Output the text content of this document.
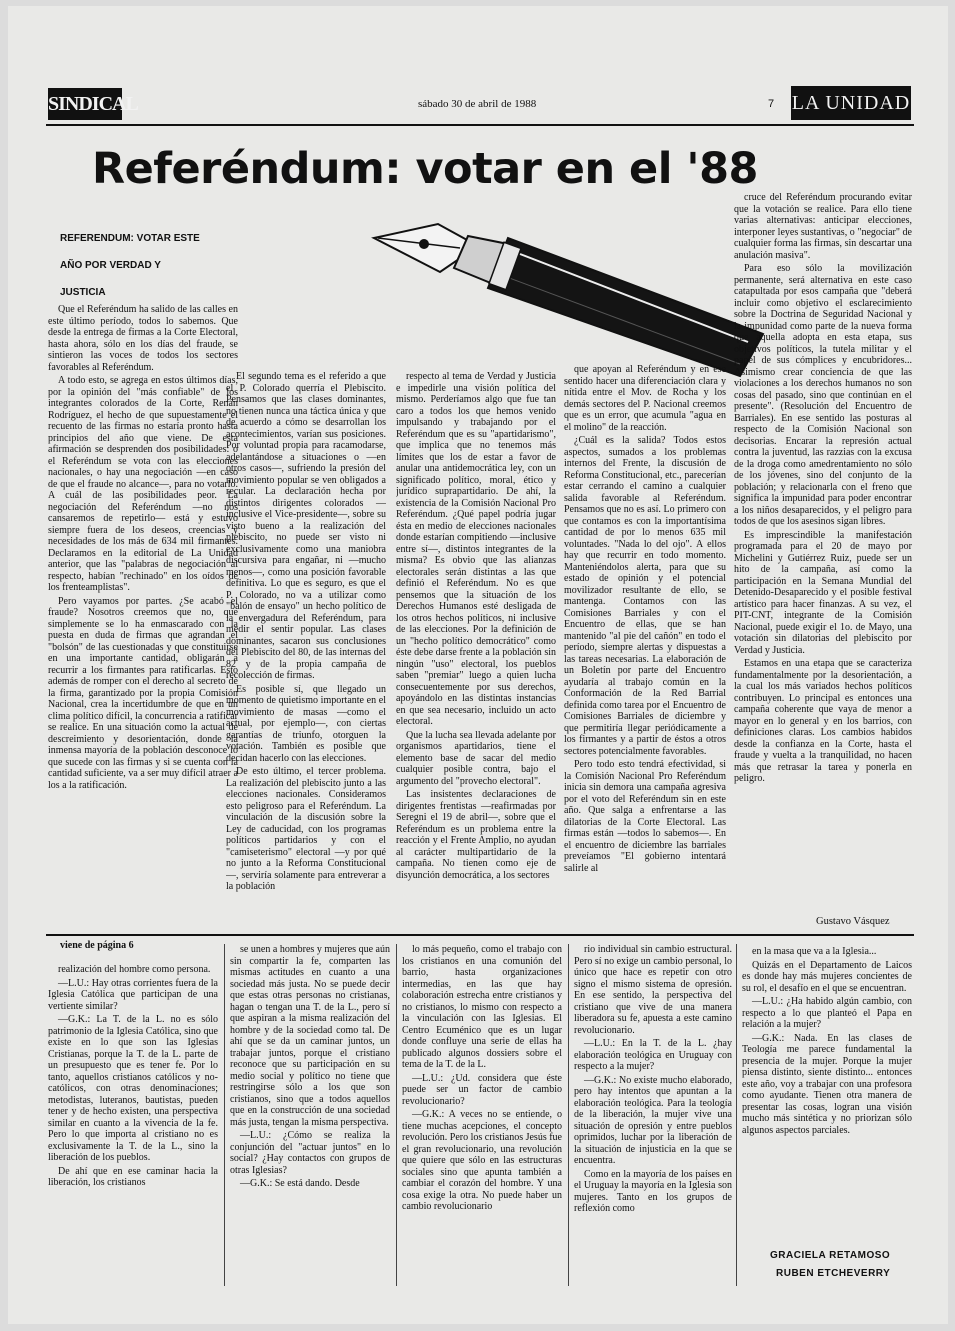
SINDICAL	sábado 30 de abril de 1988	7 LA UNIDAD
Referéndum: votar en el '88
REFERENDUM: VOTAR ESTE
AÑO POR VERDAD Y
JUSTICIA

Que el Referéndum ha salido de las calles en este último período, todos lo sabemos. Que desde la entrega de firmas a la Corte Electoral, hasta ahora, sólo en los días del fraude, se sintieron las voces de todos los sectores favorables al Referéndum.

A todo esto, se agrega en estos últimos días, por la opinión del "más confiable" de los integrantes colorados de la Corte, Renán Rodríguez, el hecho de que supuestamente el recuento de las firmas no estaría pronto hasta principios del año que viene. De esta afirmación se desprenden dos posibilidades: o el Referéndum se vota con las elecciones nacionales, o hay una negociación —en caso de que el fraude no alcance—, para no votarlo. A cuál de las posibilidades peor. La negociación del Referéndum —no nos cansaremos de repetirlo— está y estuvo siempre fuera de los deseos, creencias y necesidades de los más de 634 mil firmantes. Declaramos en la editorial de La Unidad anterior, que las "palabras de negociación al respecto, habían "rechinado" en los oídos de los frenteamplistas".

Pero vayamos por partes. ¿Se acabó el fraude? Nosotros creemos que no, que simplemente se lo ha enmascarado con la puesta en duda de firmas que agrandan el "bolsón" de las cuestionadas y que constituirse en una importante cantidad, obligarán a recurrir a los firmantes para ratificarlas. Esto además de romper con el derecho al secreto de la firma, garantizado por la propia Comisión Nacional, crea la incertidumbre de que en un clima político difícil, la concurrencia a ratificar se realice. En una situación como la actual de descreimiento y desorientación, donde la inmensa mayoría de la población desconoce lo que sucede con las firmas y si se cuenta con la cantidad suficiente, va a ser muy difícil atraer a los a la ratificación.

El segundo tema es el referido a que el P. Colorado querría el Plebiscito. Pensamos que las clases dominantes, no tienen nunca una táctica única y que de acuerdo a cómo se desarrollan los acontecimientos, varían sus posiciones. Por voluntad propia para racamodarse, adelantándose a situaciones o —en otros casos—, sufriendo la presión del movimiento popular se ven obligados a recular. La declaración hecha por distintos dirigentes colorados —inclusive el Vice-presidente—, sobre su visto bueno a la realización del plebiscito, no puede ser visto ni exclusivamente como una maniobra discursiva para engañar, ni —mucho menos—, como una posición favorable definitiva. Lo que es seguro, es que el P. Colorado, no va a utilizar como "balón de ensayo" un hecho político de la envergadura del Referéndum, para medir el sentir popular. Las clases dominantes, sacaron sus conclusiones del Plebiscito del 80, de las internas del 82 y de la propia campaña de recolección de firmas.

Es posible sí, que llegado un momento de quietismo importante en el movimiento de masas —como el actual, por ejemplo—, con ciertas garantías de triunfo, otorguen la votación. También es posible que decidan hacerlo con las elecciones.

De esto último, el tercer problema. La realización del plebiscito junto a las elecciones nacionales. Consideramos esto peligroso para el Referéndum. La vinculación de la discusión sobre la Ley de caducidad, con los programas políticos partidarios y con el "camiseterismo" electoral —y por qué no junto a la Reforma Constitucional—, serviría solamente para entreverar a la población

respecto al tema de Verdad y Justicia e impedirle una visión política del mismo. Perderíamos algo que fue tan caro a todos los que hemos venido impulsando y trabajando por el Referéndum que es su "apartidarismo", que implica que no tenemos más límites que los de estar a favor de anular una antidemocrática ley, con un significado político, moral, ético y jurídico suprapartidario. De ahí, la existencia de la Comisión Nacional Pro Referéndum. ¿Qué papel podría jugar ésta en medio de elecciones nacionales donde estarían compitiendo —inclusive entre sí—, distintos integrantes de la misma? Es obvio que las alianzas electorales serán distintas a las que definió el Referéndum. No es que pensemos que la situación de los Derechos Humanos esté desligada de los otros hechos políticos, ni inclusive de las elecciones. Por la definición de un "hecho político democrático" como éste debe darse frente a la población sin ningún "uso" electoral, los pueblos saben "premiar" luego a quien lucha consecuentemente por sus derechos, apoyándolo en las distintas instancias en que sea necesario, incluido un acto electoral.

Que la lucha sea llevada adelante por organismos apartidarios, tiene el elemento base de sacar del medio cualquier posible contra, bajo el argumento del "provecho electoral".

Las insistentes declaraciones de dirigentes frentistas —reafirmadas por Seregni el 19 de abril—, sobre que el Referéndum es un problema entre la reacción y el Frente Amplio, no ayudan al carácter multipartidario de la campaña. No tienen como eje de disyunción democrática, a los sectores

que apoyan al Referéndum y en ese sentido hacer una diferenciación clara y nítida entre el Mov. de Rocha y los demás sectores del P. Nacional creemos que es un error, que acumula "agua en el molino" de la reacción.

¿Cuál es la salida? Todos estos aspectos, sumados a los problemas internos del Frente, la discusión de Reforma Constitucional, etc., parecerían estar cerrando el camino a cualquier salida favorable al Referéndum. Pensamos que no es así. Lo primero con que contamos es con la importantísima cantidad de por lo menos 635 mil voluntades. "Nada lo del ojo". A ellos hay que recurrir en todo momento. Manteniéndolos alerta, para que su estado de opinión y el potencial movilizador resultante de ello, se mantenga. Contamos con las Comisiones Barriales y con el Encuentro de ellas, que se han mantenido "al pie del cañón" en todo el período, siempre alertas y dispuestas a las tareas necesarias. La elaboración de un Boletín por parte del Encuentro ayudaría al trabajo común en la Conformación de la Red Barrial definida como tarea por el Encuentro de Comisiones Barriales de diciembre y que permitiría llegar periódicamente a los firmantes y a partir de éstos a otros sectores potencialmente favorables.

Pero todo esto tendrá efectividad, si la Comisión Nacional Pro Referéndum inicia sin demora una campaña agresiva por el voto del Referéndum sin en este año. Que salga a enfrentarse a las dilatorias de la Corte Electoral. Las firmas están —todos lo sabemos—. En el encuentro de diciembre las barriales preveíamos "El gobierno intentará salirle al

cruce del Referéndum procurando evitar que la votación se realice. Para ello tiene varias alternativas: anticipar elecciones, interponer leyes sustantivas, o "negociar" de cualquier forma las firmas, sin descartar una anulación masiva".

Para eso sólo la movilización permanente, será alternativa en este caso catapultada por esos campaña que "deberá incluir como objetivo el esclarecimiento sobre la Doctrina de Seguridad Nacional y la impunidad como parte de la nueva forma que aquella adopta en esta etapa, sus objetivos políticos, la tutela militar y el papel de sus cómplices y encubridores... Asimismo crear conciencia de que las violaciones a los derechos humanos no son cosas del pasado, sino que continúan en el presente". (Resolución del Encuentro de Barriales). En ese sentido las posturas al respecto de la Comisión Nacional son decisorias. Encarar la represión actual contra la juventud, las razzias con la excusa de la droga como amedrentamiento no sólo de los jóvenes, sino del conjunto de la población; y relacionarla con el freno que significa la impunidad para poder encontrar a los niños desaparecidos, y el peligro para todos de que los asesinos sigan libres.

Es imprescindible la manifestación programada para el 20 de mayo por Michelini y Gutiérrez Ruiz, puede ser un hito de la campaña, así como la participación en la Semana Mundial del Detenido-Desaparecido y el posible festival artístico para hacer finanzas. A su vez, el PIT-CNT, integrante de la Comisión Nacional, puede exigir el 1o. de Mayo, una votación sin dilatorias del plebiscito por Verdad y Justicia.

Estamos en una etapa que se caracteriza fundamentalmente por la desorientación, a la cual los más variados hechos políticos contribuyen. Lo principal es entonces una campaña coherente que vaya de menor a mayor en lo general y en los barrios, con definiciones claras. Los cambios habidos desde la confianza en la Corte, hasta el fraude y vuelta a la tranquilidad, no hacen más que retrasar la tarea y ponerla en peligro.

Gustavo Vásquez
viene de página 6

realización del hombre como persona.

—L.U.: Hay otras corrientes fuera de la Iglesia Católica que participan de una vertiente similar?

—G.K.: La T. de la L. no es sólo patrimonio de la Iglesia Católica, sino que existe en lo que son las Iglesias Cristianas, porque la T. de la L. parte de un presupuesto que es tener fe. Por lo tanto, aquellos cristianos católicos y no-católicos, con otras denominaciones; metodistas, luteranos, bautistas, pueden tener y de hecho existen, una perspectiva similar en cuanto a la vivencia de la fe. Pero lo que importa al cristiano no es exclusivamente la T. de la L., sino la liberación de los pueblos.

De ahí que en ese caminar hacia la liberación, los cristianos

se unen a hombres y mujeres que aún sin compartir la fe, comparten las mismas actitudes en cuanto a una sociedad más justa. No se puede decir que estas otras personas no cristianas, hagan o tengan una T. de la L., pero sí que aspiran a la misma realización del hombre y de la sociedad como tal. De ahí que se da un caminar juntos, un trabajar juntos, porque el cristiano reconoce que su participación en su medio social y político no tiene que restringirse sólo a los que son cristianos, sino que a todos aquellos que en la construcción de una sociedad más justa, tengan la misma perspectiva.

—L.U.: ¿Cómo se realiza la conjunción del "actuar juntos" en lo social? ¿Hay contactos con grupos de otras Iglesias?

—G.K.: Se está dando. Desde

lo más pequeño, como el trabajo con los cristianos en una comunión del barrio, hasta organizaciones intermedias, en las que hay colaboración estrecha entre cristianos y no cristianos, lo mismo con respecto a la vinculación con las Iglesias. El Centro Ecuménico que es un lugar donde confluye una serie de ellas ha publicado algunos dossiers sobre el tema de la T. de la L.

—L.U.: ¿Ud. considera que éste puede ser un factor de cambio revolucionario?

—G.K.: A veces no se entiende, o tiene muchas acepciones, el concepto revolución. Pero los cristianos Jesús fue el gran revolucionario, una revolución que quiere que sólo en las estructuras sociales sino que apunta también a cambiar el corazón del hombre. Y una cosa exige la otra. No puede haber un cambio revolucionario

rio individual sin cambio estructural. Pero sí no exige un cambio personal, lo único que hace es repetir con otro signo el mismo sistema de opresión. En ese sentido, la perspectiva del cristiano que vive de una manera liberadora su fe, apuesta a este camino revolucionario.

—L.U.: En la T. de la L. ¿hay elaboración teológica en Uruguay con respecto a la mujer?

—G.K.: No existe mucho elaborado, pero hay intentos que apuntan a la elaboración teológica. Para la teología de la liberación, la mujer vive una situación de opresión y entre pueblos oprimidos, luchar por la liberación de la situación de injusticia en la que se encuentra.

Como en la mayoría de los países en el Uruguay la mayoría en la Iglesia son mujeres. Tanto en los grupos de reflexión como

en la masa que va a la Iglesia...

Quizás en el Departamento de Laicos es donde hay más mujeres concientes de su rol, el desafío en el que se encuentran.

—L.U.: ¿Ha habido algún cambio, con respecto a lo que planteó el Papa en relación a la mujer?

—G.K.: Nada. En las clases de Teología me parece fundamental la presencia de la mujer. Porque la mujer piensa distinto, siente distinto... entonces este año, voy a trabajar con una profesora como ayudante. Tienen otra manera de presentar las cosas, logran una visión mucho más sintética y no priorizan sólo algunos aspectos parciales.

GRACIELA RETAMOSO
RUBEN ETCHEVERRY
